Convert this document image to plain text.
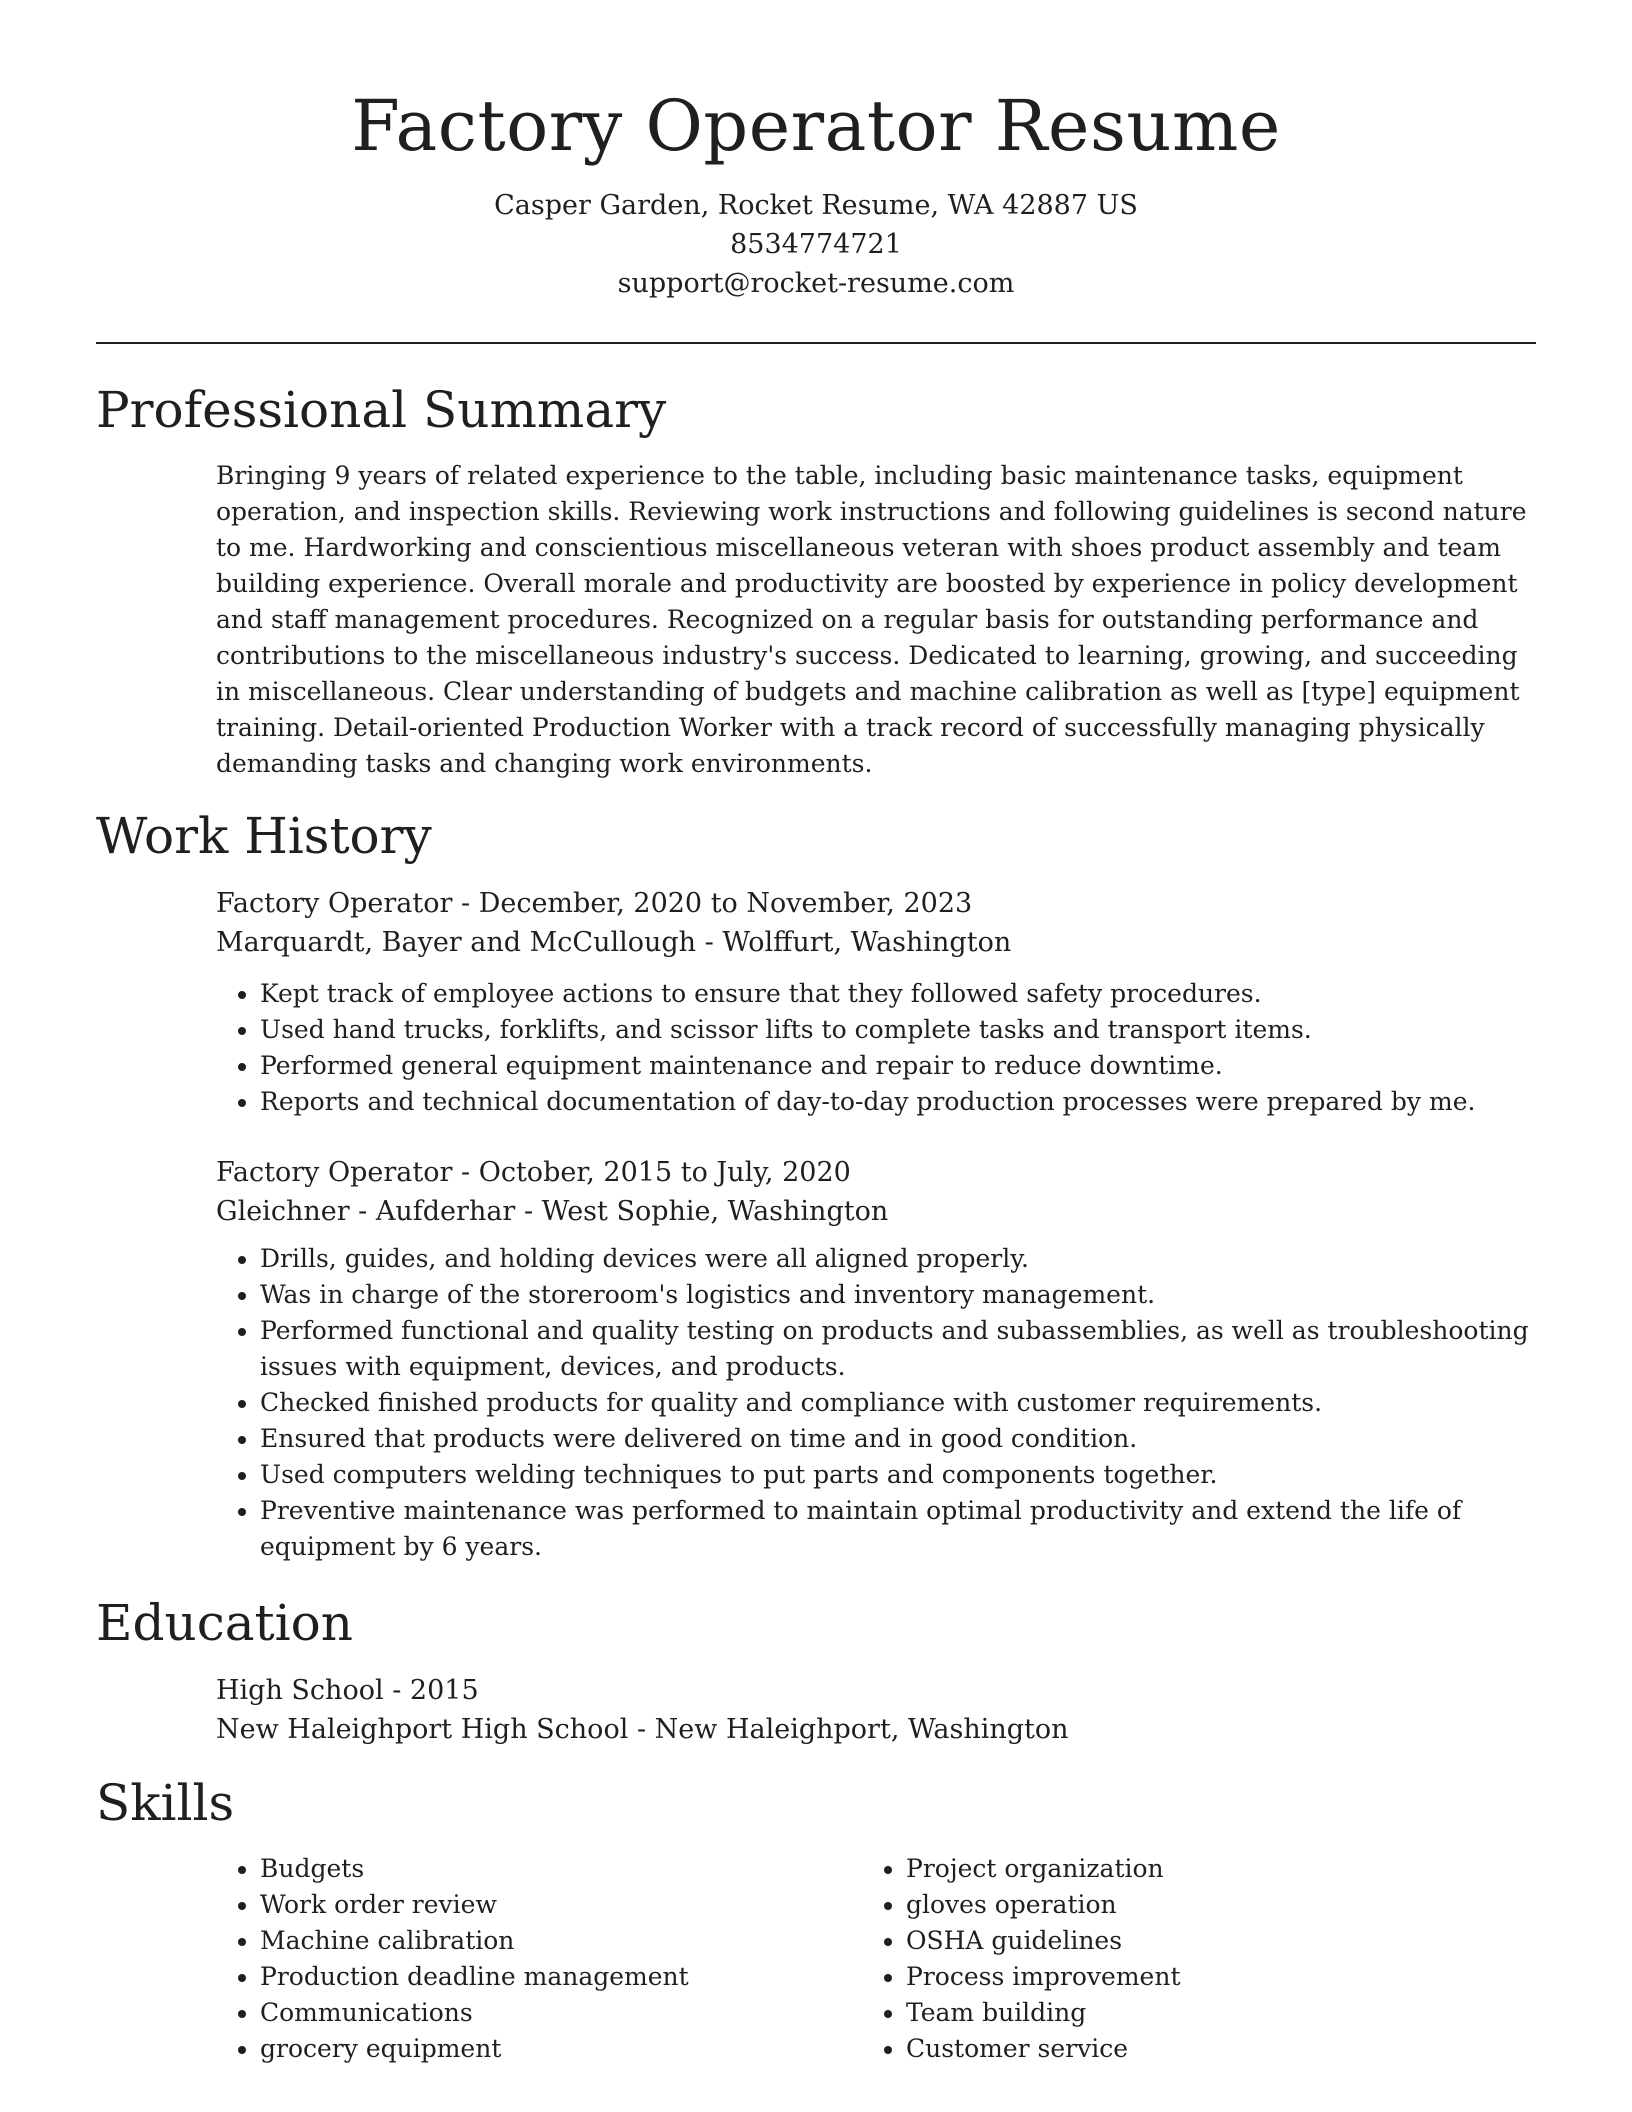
Factory Operator Resume
Casper Garden, Rocket Resume, WA 42887 US
8534774721
support@rocket-resume.com
Professional Summary

Bringing 9 years of related experience to the table, including basic maintenance tasks, equipment operation, and inspection skills. Reviewing work instructions and following guidelines is second nature to me. Hardworking and conscientious miscellaneous veteran with shoes product assembly and team building experience. Overall morale and productivity are boosted by experience in policy development and staff management procedures. Recognized on a regular basis for outstanding performance and contributions to the miscellaneous industry's success. Dedicated to learning, growing, and succeeding in miscellaneous. Clear understanding of budgets and machine calibration as well as [type] equipment training. Detail-oriented Production Worker with a track record of successfully managing physically demanding tasks and changing work environments.

Work History
Factory Operator - December, 2020 to November, 2023
Marquardt, Bayer and McCullough - Wolffurt, Washington
• Kept track of employee actions to ensure that they followed safety procedures.
• Used hand trucks, forklifts, and scissor lifts to complete tasks and transport items.
• Performed general equipment maintenance and repair to reduce downtime.
• Reports and technical documentation of day-to-day production processes were prepared by me.
Factory Operator - October, 2015 to July, 2020
Gleichner - Aufderhar - West Sophie, Washington
• Drills, guides, and holding devices were all aligned properly.
• Was in charge of the storeroom's logistics and inventory management.
• Performed functional and quality testing on products and subassemblies, as well as troubleshooting issues with equipment, devices, and products.
• Checked finished products for quality and compliance with customer requirements.
• Ensured that products were delivered on time and in good condition.
• Used computers welding techniques to put parts and components together.
• Preventive maintenance was performed to maintain optimal productivity and extend the life of equipment by 6 years.
Education
High School - 2015
New Haleighport High School - New Haleighport, Washington
Skills
• Budgets
• Work order review
• Machine calibration
• Production deadline management
• Communications
• grocery equipment
• Project organization
• gloves operation
• OSHA guidelines
• Process improvement
• Team building
• Customer service
